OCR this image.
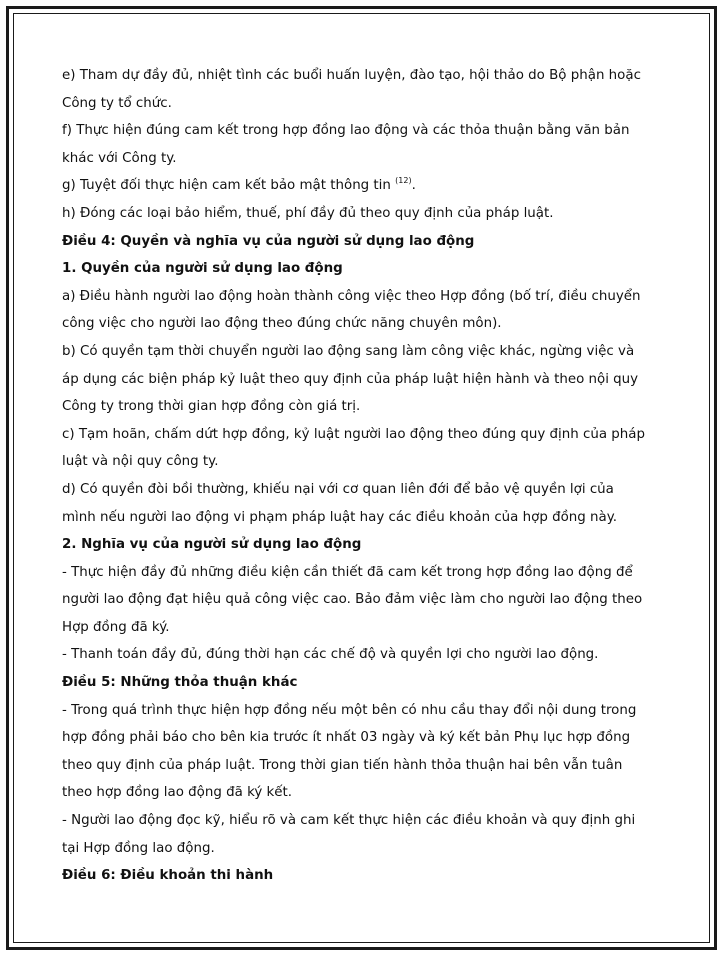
e) Tham dự đầy đủ, nhiệt tình các buổi huấn luyện, đào tạo, hội thảo do Bộ phận hoặc
Công ty tổ chức.
f) Thực hiện đúng cam kết trong hợp đồng lao động và các thỏa thuận bằng văn bản
khác với Công ty.
g) Tuyệt đối thực hiện cam kết bảo mật thông tin $^{(12)}$.
h) Đóng các loại bảo hiểm, thuế, phí đầy đủ theo quy định của pháp luật.
Điều 4: Quyền và nghĩa vụ của người sử dụng lao động
1. Quyền của người sử dụng lao động
a) Điều hành người lao động hoàn thành công việc theo Hợp đồng (bố trí, điều chuyển
công việc cho người lao động theo đúng chức năng chuyên môn).
b) Có quyền tạm thời chuyển người lao động sang làm công việc khác, ngừng việc và
áp dụng các biện pháp kỷ luật theo quy định của pháp luật hiện hành và theo nội quy
Công ty trong thời gian hợp đồng còn giá trị.
c) Tạm hoãn, chấm dứt hợp đồng, kỷ luật người lao động theo đúng quy định của pháp
luật và nội quy công ty.
d) Có quyền đòi bồi thường, khiếu nại với cơ quan liên đới để bảo vệ quyền lợi của
mình nếu người lao động vi phạm pháp luật hay các điều khoản của hợp đồng này.
2. Nghĩa vụ của người sử dụng lao động
- Thực hiện đầy đủ những điều kiện cần thiết đã cam kết trong hợp đồng lao động để
người lao động đạt hiệu quả công việc cao. Bảo đảm việc làm cho người lao động theo
Hợp đồng đã ký.
- Thanh toán đầy đủ, đúng thời hạn các chế độ và quyền lợi cho người lao động.
Điều 5: Những thỏa thuận khác
- Trong quá trình thực hiện hợp đồng nếu một bên có nhu cầu thay đổi nội dung trong
hợp đồng phải báo cho bên kia trước ít nhất 03 ngày và ký kết bản Phụ lục hợp đồng
theo quy định của pháp luật. Trong thời gian tiến hành thỏa thuận hai bên vẫn tuân
theo hợp đồng lao động đã ký kết.
- Người lao động đọc kỹ, hiểu rõ và cam kết thực hiện các điều khoản và quy định ghi
tại Hợp đồng lao động.
Điều 6: Điều khoản thi hành
